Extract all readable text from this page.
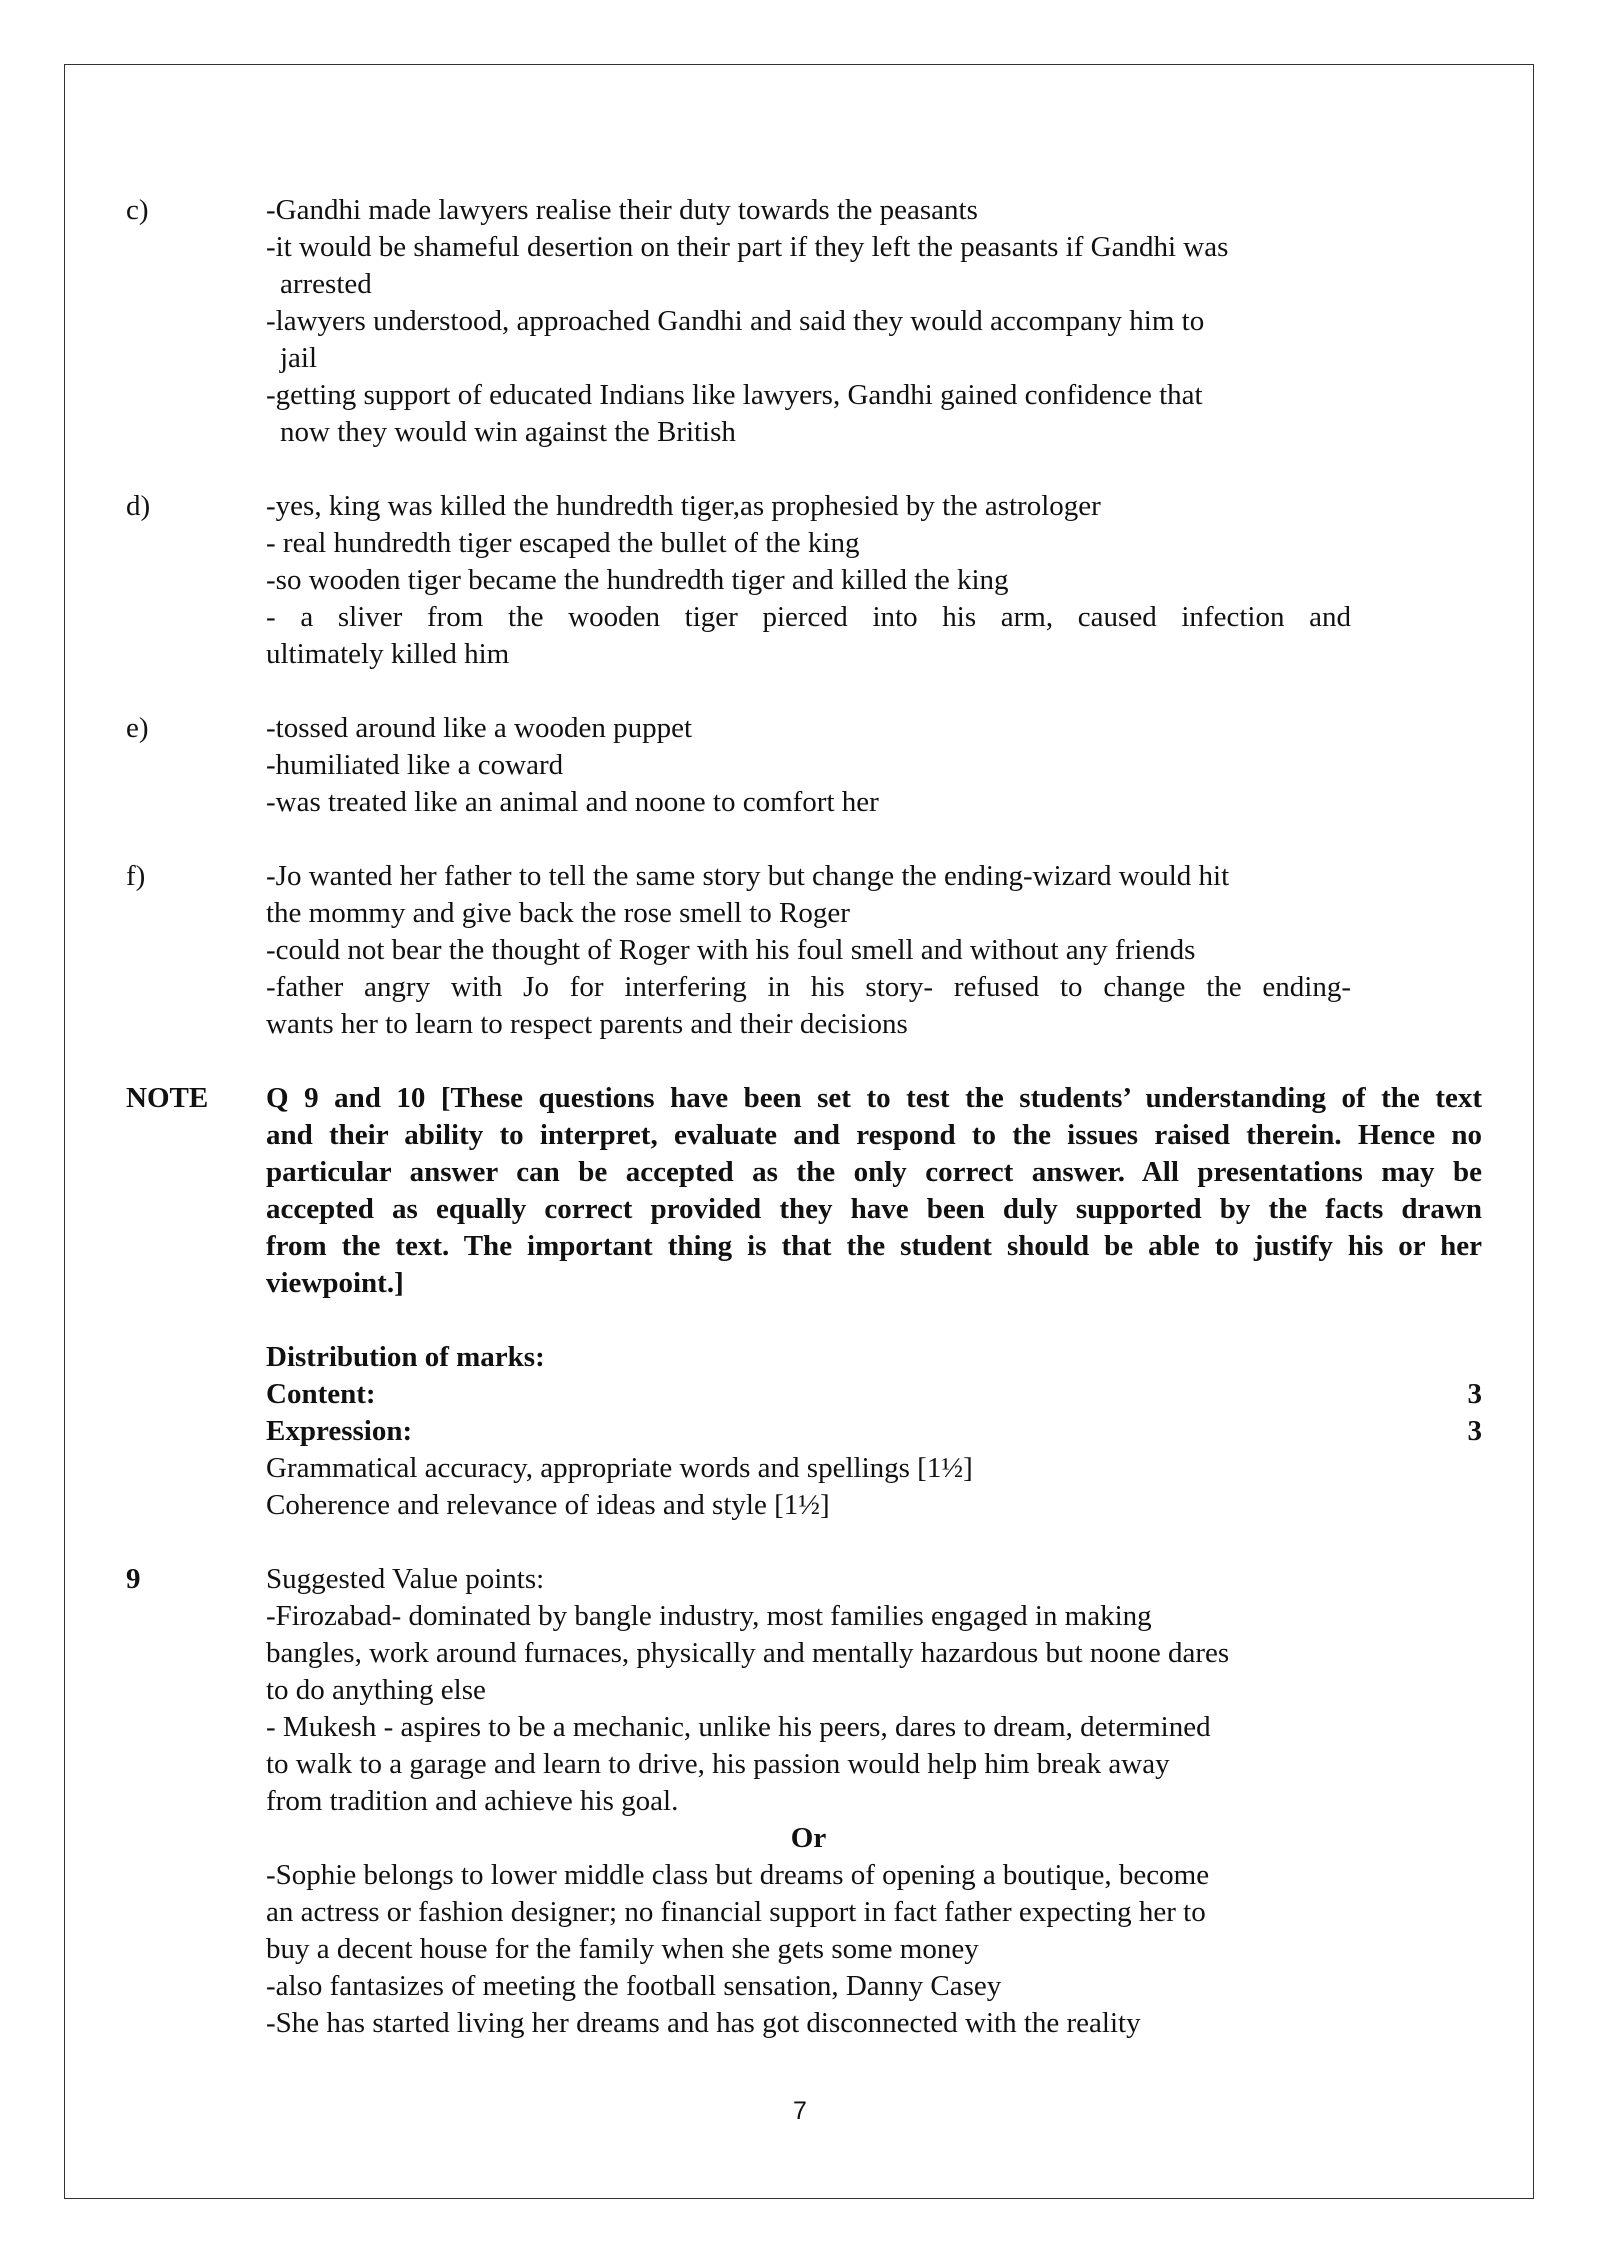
c)	-Gandhi made lawyers realise their duty towards the peasants
-it would be shameful desertion on their part if they left the peasants if Gandhi was
arrested
-lawyers understood, approached Gandhi and said they would accompany him to
jail
-getting support of educated Indians like lawyers, Gandhi gained confidence that
now they would win against the British
d)	-yes, king was killed the hundredth tiger,as prophesied by the astrologer
- real hundredth tiger escaped the bullet of the king
-so wooden tiger became the hundredth tiger and killed the king
- a sliver from the wooden tiger pierced into his arm, caused infection and
ultimately killed him
e)	-tossed around like a wooden puppet
-humiliated like a coward
-was treated like an animal and noone to comfort her
f)	-Jo wanted her father to tell the same story but change the ending-wizard would hit
the mommy and give back the rose smell to Roger
-could not bear the thought of Roger with his foul smell and without any friends
-father angry with Jo for interfering in his story- refused to change the ending-
wants her to learn to respect parents and their decisions
NOTE	Q 9 and 10 [These questions have been set to test the students’ understanding of the text
and their ability to interpret, evaluate and respond to the issues raised therein. Hence no
particular answer can be accepted as the only correct answer. All presentations may be
accepted as equally correct provided they have been duly supported by the facts drawn
from the text. The important thing is that the student should be able to justify his or her
viewpoint.]
Distribution of marks:
Content:	3
Expression:	3
Grammatical accuracy, appropriate words and spellings [1½]
Coherence and relevance of ideas and style [1½]
9	Suggested Value points:
-Firozabad- dominated by bangle industry, most families engaged in making
bangles, work around furnaces, physically and mentally hazardous but noone dares
to do anything else
- Mukesh - aspires to be a mechanic, unlike his peers, dares to dream, determined
to walk to a garage and learn to drive, his passion would help him break away
from tradition and achieve his goal.
Or
-Sophie belongs to lower middle class but dreams of opening a boutique, become
an actress or fashion designer; no financial support in fact father expecting her to
buy a decent house for the family when she gets some money
-also fantasizes of meeting the football sensation, Danny Casey
-She has started living her dreams and has got disconnected with the reality
7
